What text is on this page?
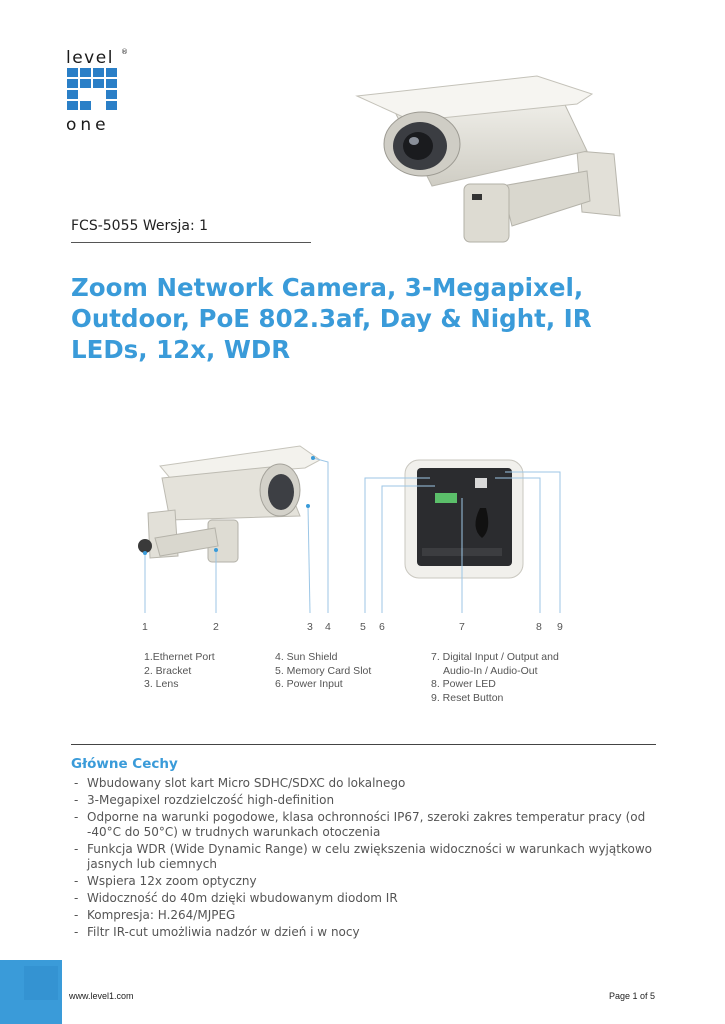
level ®
one
FCS-5055 Wersja: 1
Zoom Network Camera, 3-Megapixel, Outdoor, PoE 802.3af, Day & Night, IR LEDs, 12x, WDR
1	2	3 4	5 6	7	8 9
1.Ethernet Port
2. Bracket
3. Lens
4. Sun Shield
5. Memory Card Slot
6. Power Input
7. Digital Input / Output and
Audio-In / Audio-Out
8. Power LED
9. Reset Button
Główne Cechy
- Wbudowany slot kart Micro SDHC/SDXC do lokalnego
- 3-Megapixel rozdzielczość high-definition
- Odporne na warunki pogodowe, klasa ochronności IP67, szeroki zakres temperatur pracy (od -40°C do 50°C) w trudnych warunkach otoczenia
- Funkcja WDR (Wide Dynamic Range) w celu zwiększenia widoczności w warunkach wyjątkowo jasnych lub ciemnych
- Wspiera 12x zoom optyczny
- Widoczność do 40m dzięki wbudowanym diodom IR
- Kompresja: H.264/MJPEG
- Filtr IR-cut umożliwia nadzór w dzień i w nocy
www.level1.com	Page 1 of 5
